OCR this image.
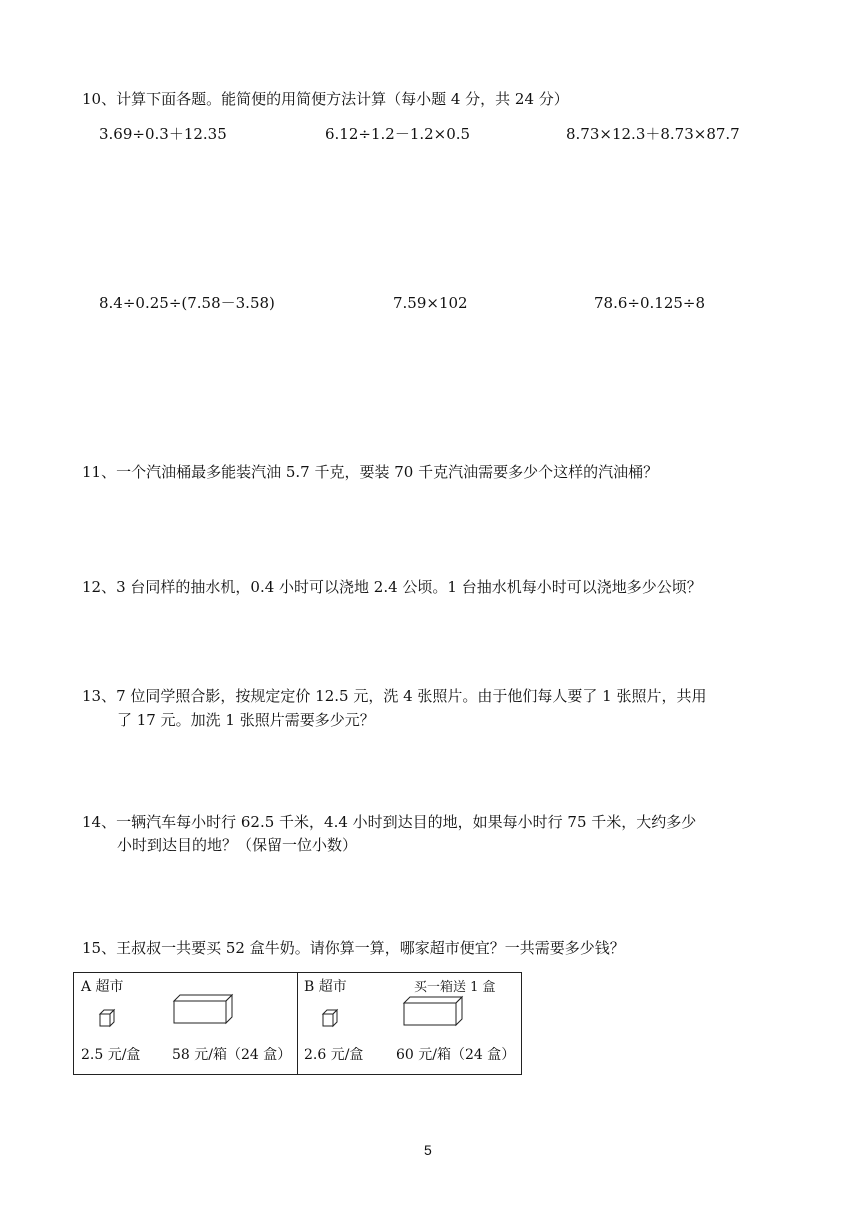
10、计算下面各题。能简便的用简便方法计算（每小题 4 分，共 24 分）
3.69÷0.3＋12.35	6.12÷1.2－1.2×0.5	8.73×12.3＋8.73×87.7
8.4÷0.25÷(7.58－3.58)	7.59×102	78.6÷0.125÷8
11、一个汽油桶最多能装汽油 5.7 千克，要装 70 千克汽油需要多少个这样的汽油桶？
12、3 台同样的抽水机，0.4 小时可以浇地 2.4 公顷。1 台抽水机每小时可以浇地多少公顷？
13、7 位同学照合影，按规定定价 12.5 元，洗 4 张照片。由于他们每人要了 1 张照片，共用
了 17 元。加洗 1 张照片需要多少元？
14、一辆汽车每小时行 62.5 千米，4.4 小时到达目的地，如果每小时行 75 千米，大约多少
小时到达目的地？（保留一位小数）
15、王叔叔一共要买 52 盒牛奶。请你算一算，哪家超市便宜？一共需要多少钱？
A 超市
2.5 元/盒 58 元/箱（24 盒）
B 超市	买一箱送 1 盒
2.6 元/盒 60 元/箱（24 盒）
5
